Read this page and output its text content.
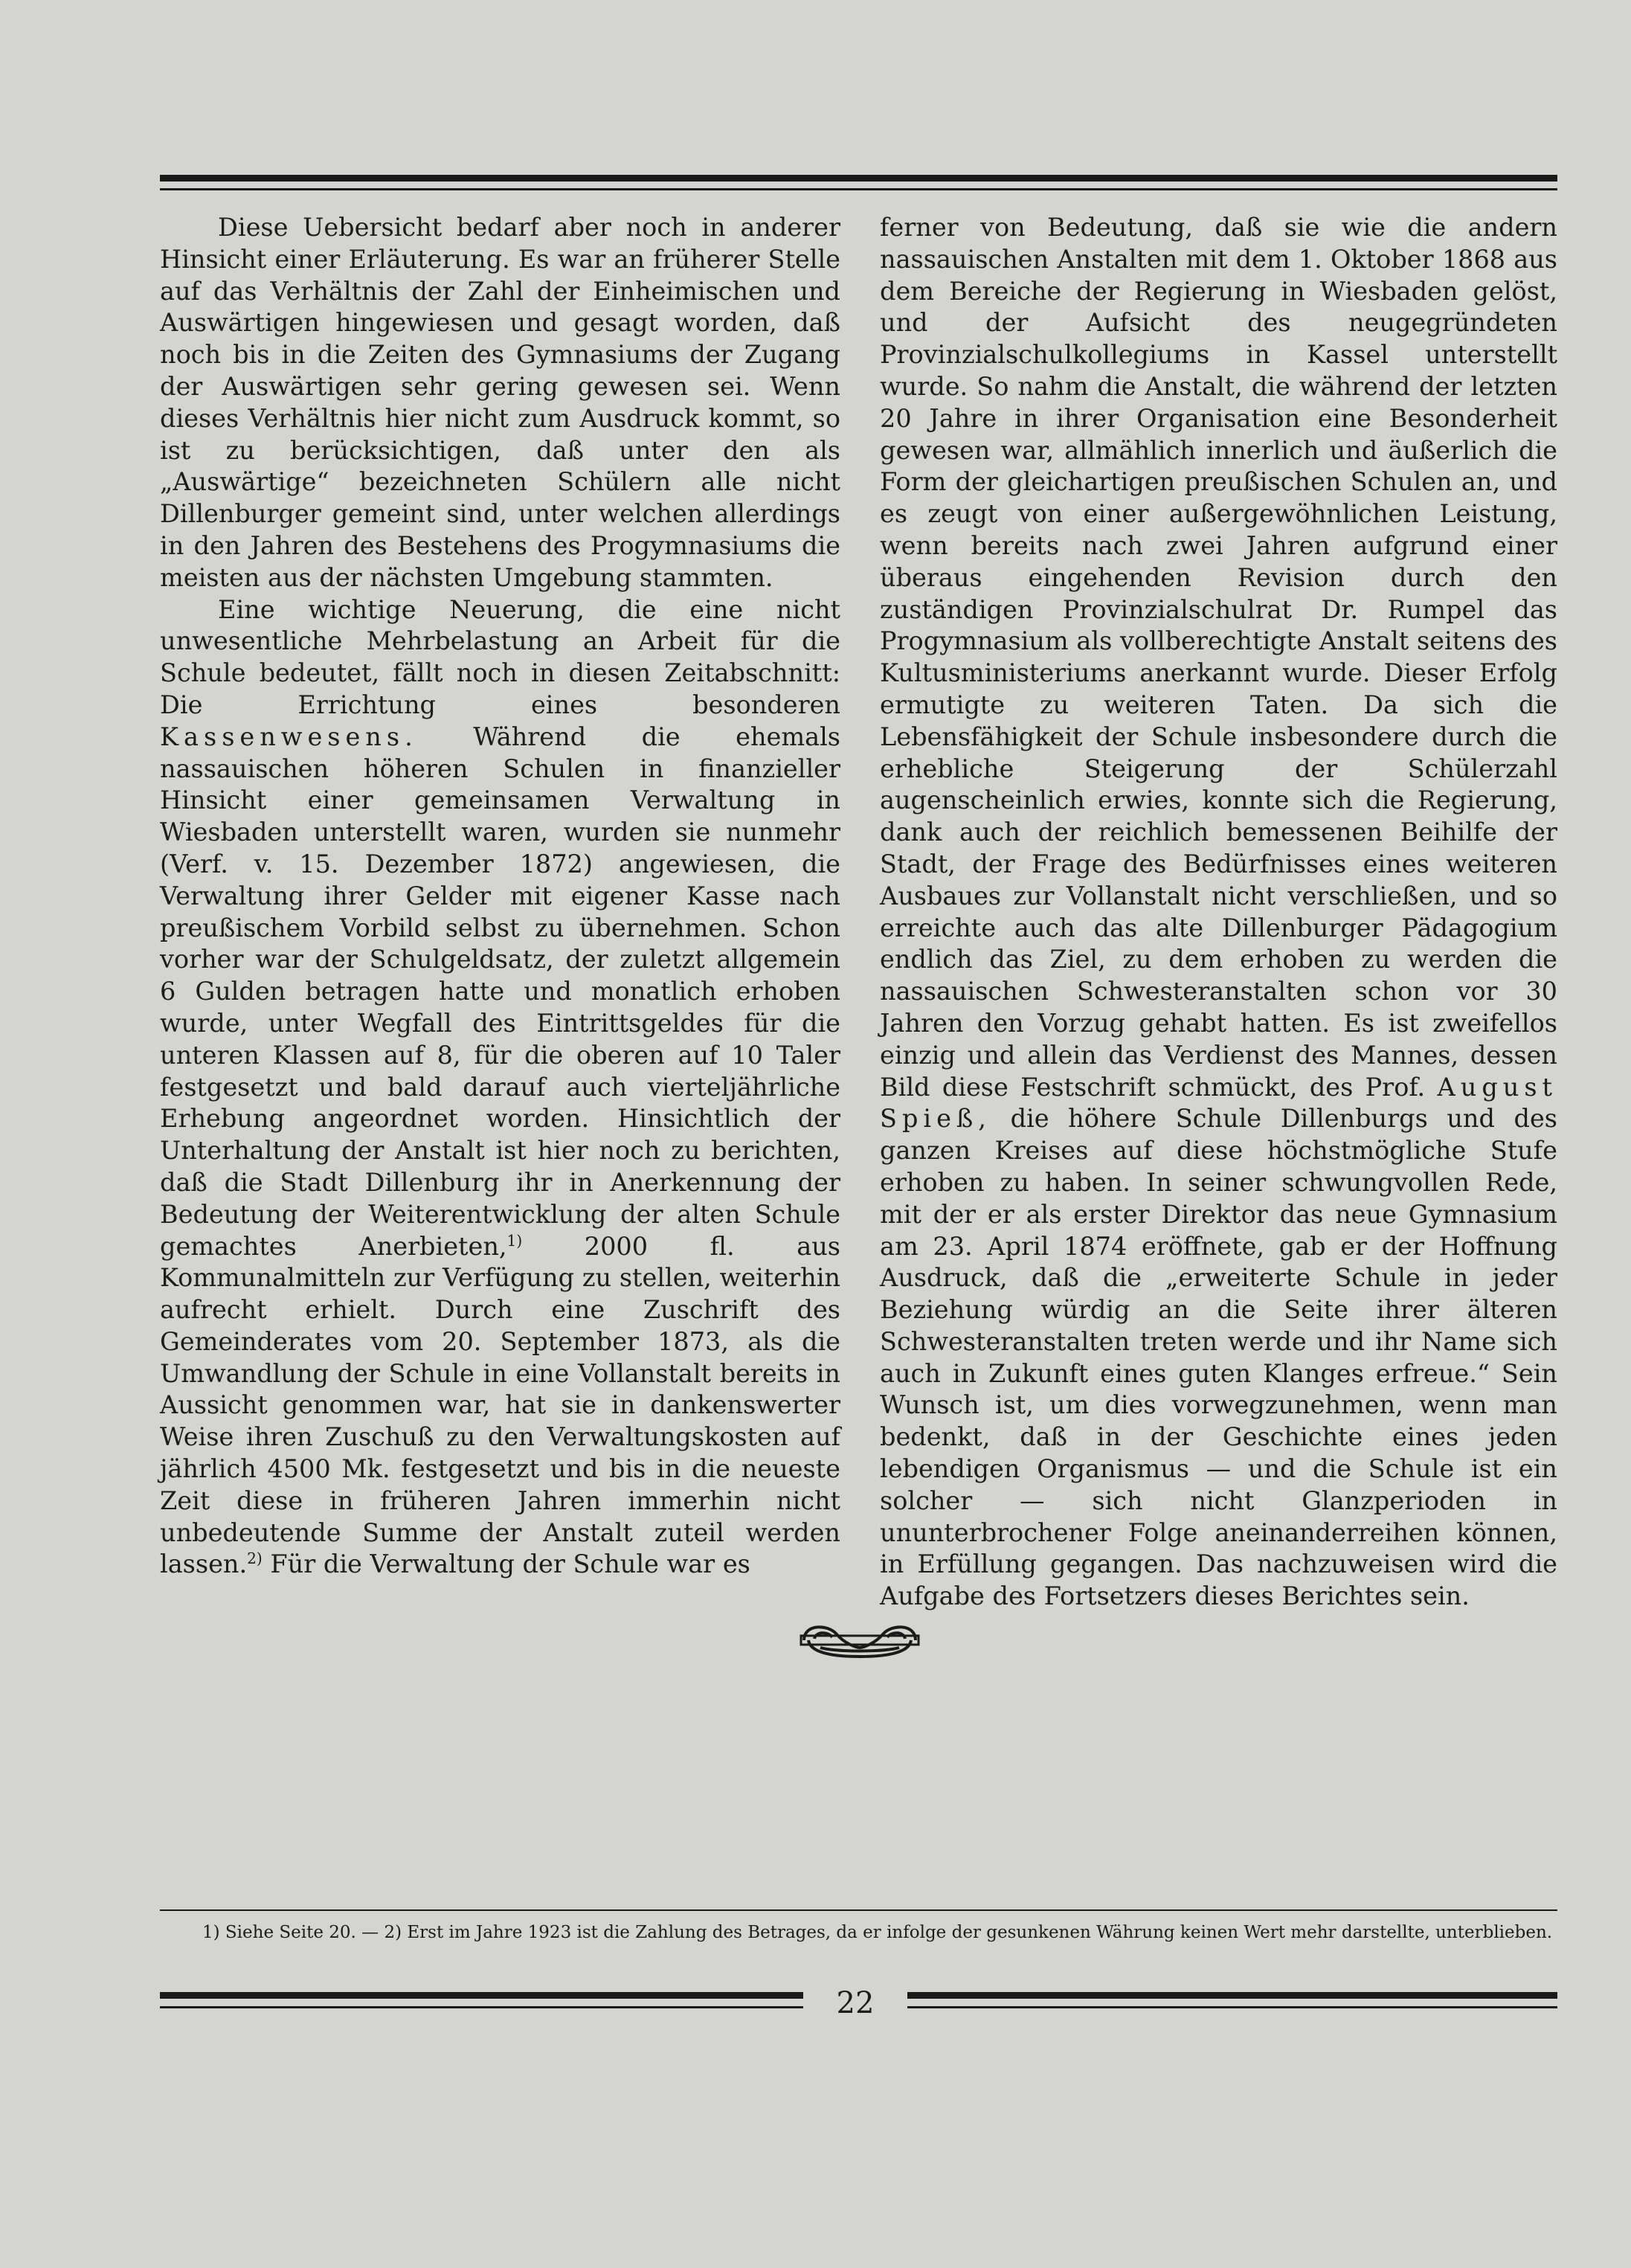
Diese Uebersicht bedarf aber noch in anderer Hinsicht einer Erläuterung. Es war an früherer Stelle auf das Verhältnis der Zahl der Einheimischen und Auswärtigen hingewiesen und gesagt worden, daß noch bis in die Zeiten des Gymnasiums der Zugang der Auswärtigen sehr gering gewesen sei. Wenn dieses Verhältnis hier nicht zum Ausdruck kommt, so ist zu berücksichtigen, daß unter den als „Auswärtige“ bezeichneten Schülern alle nicht Dillenburger gemeint sind, unter welchen allerdings in den Jahren des Bestehens des Progymnasiums die meisten aus der nächsten Umgebung stammten.

Eine wichtige Neuerung, die eine nicht unwesentliche Mehrbelastung an Arbeit für die Schule bedeutet, fällt noch in diesen Zeitabschnitt: Die Errichtung eines besonderen Kassenwesens. Während die ehemals nassauischen höheren Schulen in finanzieller Hinsicht einer gemeinsamen Verwaltung in Wiesbaden unterstellt waren, wurden sie nunmehr (Verf. v. 15. Dezember 1872) angewiesen, die Verwaltung ihrer Gelder mit eigener Kasse nach preußischem Vorbild selbst zu übernehmen. Schon vorher war der Schulgeldsatz, der zuletzt allgemein 6 Gulden betragen hatte und monatlich erhoben wurde, unter Wegfall des Eintrittsgeldes für die unteren Klassen auf 8, für die oberen auf 10 Taler festgesetzt und bald darauf auch vierteljährliche Erhebung angeordnet worden. Hinsichtlich der Unterhaltung der Anstalt ist hier noch zu berichten, daß die Stadt Dillenburg ihr in Anerkennung der Bedeutung der Weiterentwicklung der alten Schule gemachtes Anerbieten,$^{1)}$ 2000 fl. aus Kommunalmitteln zur Verfügung zu stellen, weiterhin aufrecht erhielt. Durch eine Zuschrift des Gemeinderates vom 20. September 1873, als die Umwandlung der Schule in eine Vollanstalt bereits in Aussicht genommen war, hat sie in dankenswerter Weise ihren Zuschuß zu den Verwaltungskosten auf jährlich 4500 Mk. festgesetzt und bis in die neueste Zeit diese in früheren Jahren immerhin nicht unbedeutende Summe der Anstalt zuteil werden lassen.$^{2)}$ Für die Verwaltung der Schule war es

ferner von Bedeutung, daß sie wie die andern nassauischen Anstalten mit dem 1. Oktober 1868 aus dem Bereiche der Regierung in Wiesbaden gelöst, und der Aufsicht des neugegründeten Provinzialschulkollegiums in Kassel unterstellt wurde. So nahm die Anstalt, die während der letzten 20 Jahre in ihrer Organisation eine Besonderheit gewesen war, allmählich innerlich und äußerlich die Form der gleichartigen preußischen Schulen an, und es zeugt von einer außergewöhnlichen Leistung, wenn bereits nach zwei Jahren aufgrund einer überaus eingehenden Revision durch den zuständigen Provinzialschulrat Dr. Rumpel das Progymnasium als vollberechtigte Anstalt seitens des Kultusministeriums anerkannt wurde. Dieser Erfolg ermutigte zu weiteren Taten. Da sich die Lebensfähigkeit der Schule insbesondere durch die erhebliche Steigerung der Schülerzahl augenscheinlich erwies, konnte sich die Regierung, dank auch der reichlich bemessenen Beihilfe der Stadt, der Frage des Bedürfnisses eines weiteren Ausbaues zur Vollanstalt nicht verschließen, und so erreichte auch das alte Dillenburger Pädagogium endlich das Ziel, zu dem erhoben zu werden die nassauischen Schwesteranstalten schon vor 30 Jahren den Vorzug gehabt hatten. Es ist zweifellos einzig und allein das Verdienst des Mannes, dessen Bild diese Festschrift schmückt, des Prof. August Spieß, die höhere Schule Dillenburgs und des ganzen Kreises auf diese höchstmögliche Stufe erhoben zu haben. In seiner schwungvollen Rede, mit der er als erster Direktor das neue Gymnasium am 23. April 1874 eröffnete, gab er der Hoffnung Ausdruck, daß die „erweiterte Schule in jeder Beziehung würdig an die Seite ihrer älteren Schwesteranstalten treten werde und ihr Name sich auch in Zukunft eines guten Klanges erfreue.“ Sein Wunsch ist, um dies vorwegzunehmen, wenn man bedenkt, daß in der Geschichte eines jeden lebendigen Organismus — und die Schule ist ein solcher — sich nicht Glanzperioden in ununterbrochener Folge aneinanderreihen können, in Erfüllung gegangen. Das nachzuweisen wird die Aufgabe des Fortsetzers dieses Berichtes sein.

1) Siehe Seite 20. — 2) Erst im Jahre 1923 ist die Zahlung des Betrages, da er infolge der gesunkenen Währung keinen Wert mehr darstellte, unterblieben.
22
